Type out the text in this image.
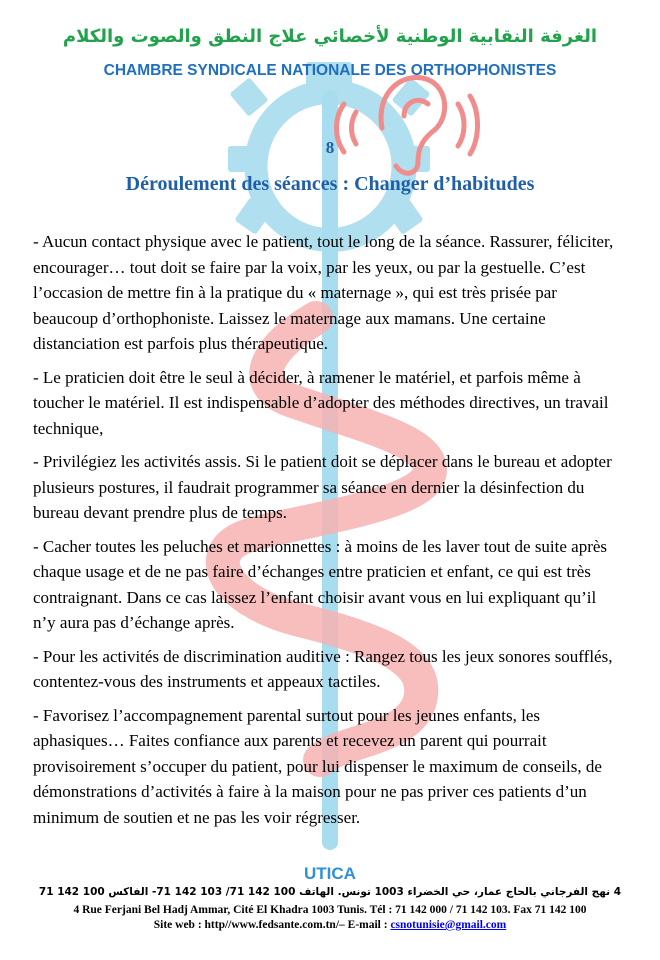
الغرفة النقابية الوطنية لأخصائي علاج النطق والصوت والكلام
CHAMBRE SYNDICALE NATIONALE DES ORTHOPHONISTES
8
Déroulement des séances : Changer d’habitudes

- Aucun contact physique avec le patient, tout le long de la séance. Rassurer, féliciter, encourager… tout doit se faire par la voix, par les yeux, ou par la gestuelle. C’est l’occasion de mettre fin à la pratique du « maternage », qui est très prisée par beaucoup d’orthophoniste. Laissez le maternage aux mamans. Une certaine distanciation est parfois plus thérapeutique.

- Le praticien doit être le seul à décider, à ramener le matériel, et parfois même à toucher le matériel. Il est indispensable d’adopter des méthodes directives, un travail technique,

- Privilégiez les activités assis. Si le patient doit se déplacer dans le bureau et adopter plusieurs postures, il faudrait programmer sa séance en dernier la désinfection du bureau devant prendre plus de temps.

- Cacher toutes les peluches et marionnettes : à moins de les laver tout de suite après chaque usage et de ne pas faire d’échanges entre praticien et enfant, ce qui est très contraignant. Dans ce cas laissez l’enfant choisir avant vous en lui expliquant qu’il n’y aura pas d’échange après.

- Pour les activités de discrimination auditive : Rangez tous les jeux sonores soufflés, contentez-vous des instruments et appeaux tactiles.

- Favorisez l’accompagnement parental surtout pour les jeunes enfants, les aphasiques… Faites confiance aux parents et recevez un parent qui pourrait provisoirement s’occuper du patient, pour lui dispenser le maximum de conseils, de démonstrations d’activités à faire à la maison pour ne pas priver ces patients d’un minimum de soutien et ne pas les voir régresser.

UTICA
4 نهج الفرجاني بالحاج عمار، حي الخضراء 1003 تونس. الهاتف 100 142 71/ 103 142 71- الفاكس 100 142 71
4 Rue Ferjani Bel Hadj Ammar, Cité El Khadra 1003 Tunis. Tél : 71 142 000 / 71 142 103. Fax 71 142 100
Site web : http//www.fedsante.com.tn/– E-mail : csnotunisie@gmail.com
